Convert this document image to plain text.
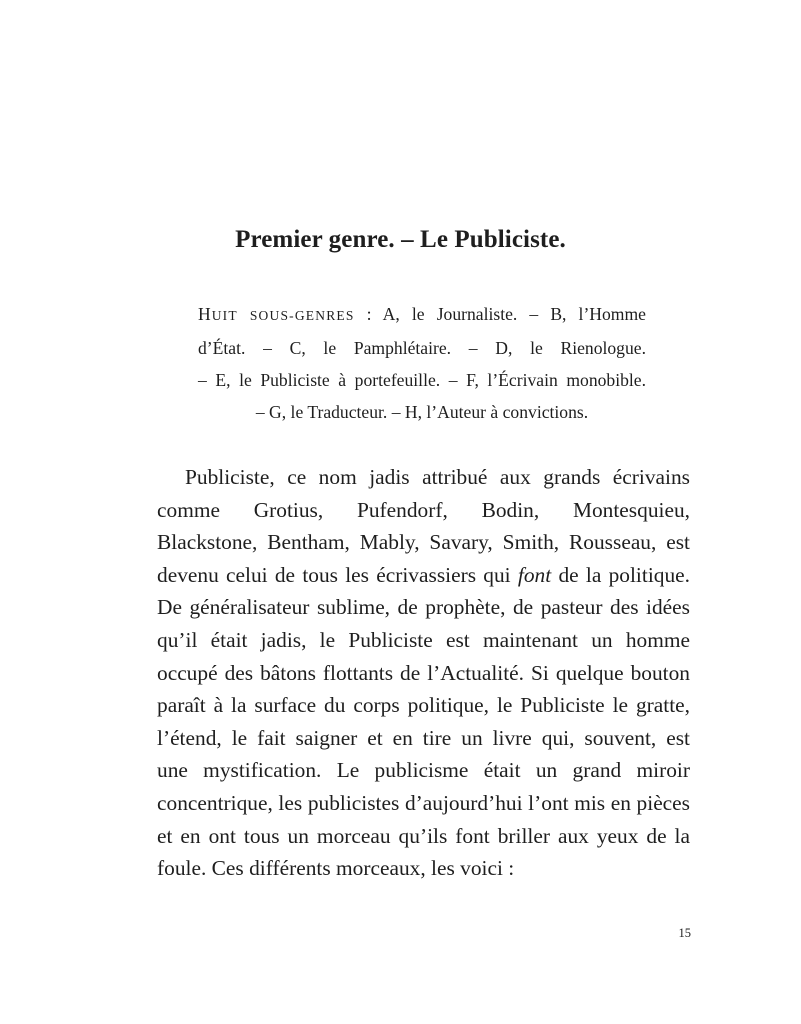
Premier genre. – Le Publiciste.
HUIT SOUS-GENRES : A, le Journaliste. – B, l’Homme
d’État. – C, le Pamphlétaire. – D, le Rienologue.
– E, le Publiciste à portefeuille. – F, l’Écrivain monobible.
– G, le Traducteur. – H, l’Auteur à convictions.
Publiciste, ce nom jadis attribué aux grands écrivains
comme Grotius, Pufendorf, Bodin, Montesquieu,
Blackstone, Bentham, Mably, Savary, Smith, Rousseau, est
devenu celui de tous les écrivassiers qui font de la politique.
De généralisateur sublime, de prophète, de pasteur des idées
qu’il était jadis, le Publiciste est maintenant un homme
occupé des bâtons flottants de l’Actualité. Si quelque bouton
paraît à la surface du corps politique, le Publiciste le gratte,
l’étend, le fait saigner et en tire un livre qui, souvent, est
une mystification. Le publicisme était un grand miroir
concentrique, les publicistes d’aujourd’hui l’ont mis en pièces
et en ont tous un morceau qu’ils font briller aux yeux de la
foule. Ces différents morceaux, les voici :
15
